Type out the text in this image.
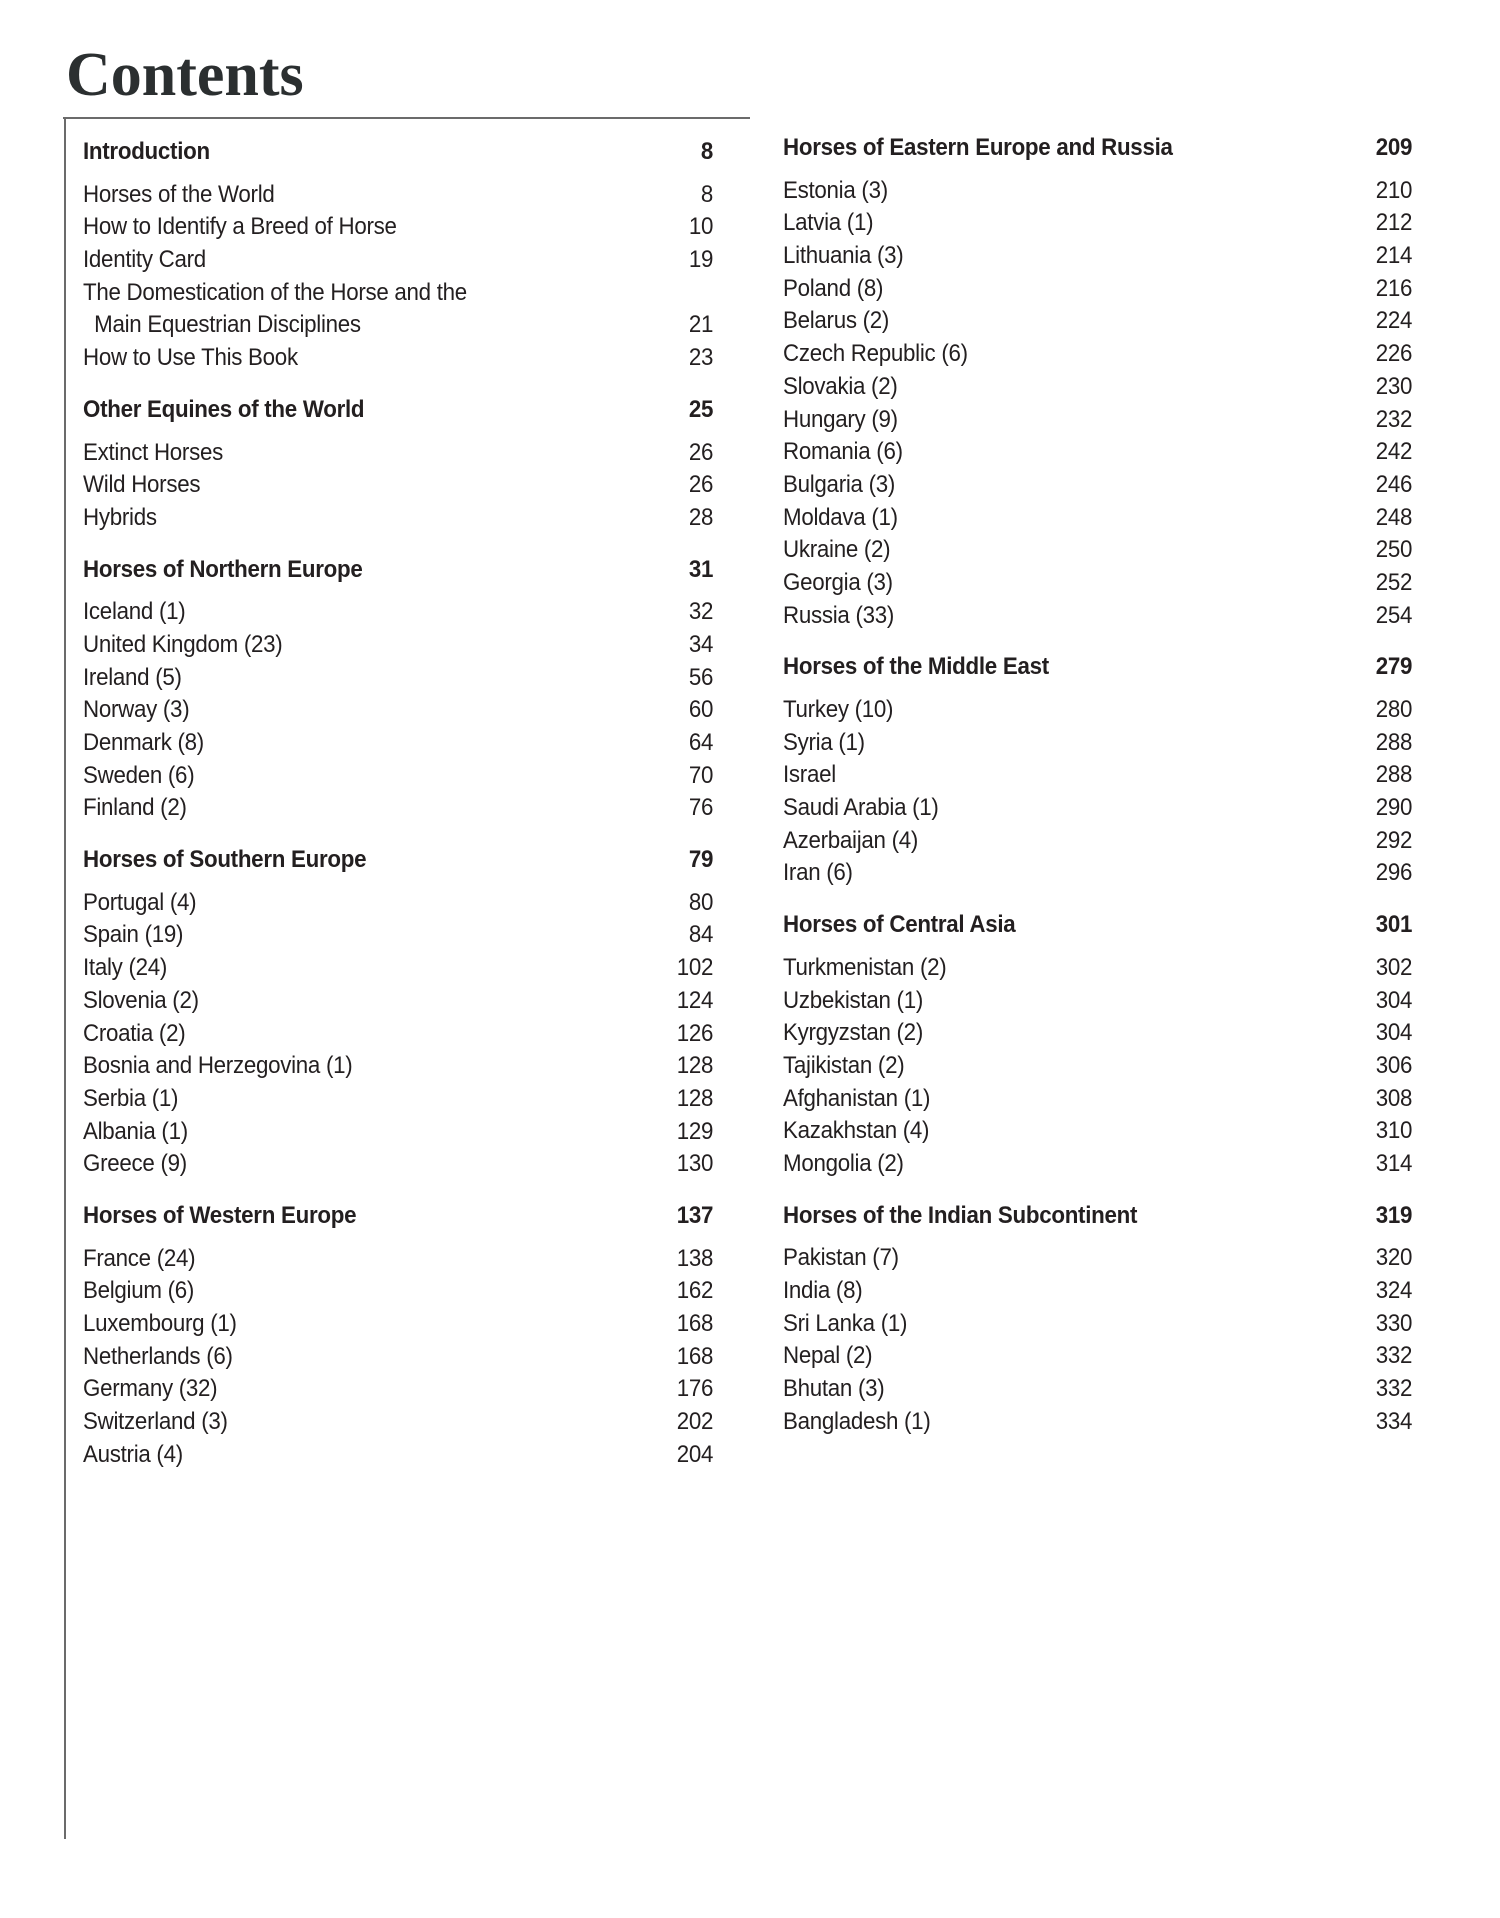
Contents
Introduction	8
Horses of the World	8
How to Identify a Breed of Horse	10
Identity Card	19
The Domestication of the Horse and the
Main Equestrian Disciplines	21
How to Use This Book	23
Other Equines of the World	25
Extinct Horses	26
Wild Horses	26
Hybrids	28
Horses of Northern Europe	31
Iceland (1)	32
United Kingdom (23)	34
Ireland (5)	56
Norway (3)	60
Denmark (8)	64
Sweden (6)	70
Finland (2)	76
Horses of Southern Europe	79
Portugal (4)	80
Spain (19)	84
Italy (24)	102
Slovenia (2)	124
Croatia (2)	126
Bosnia and Herzegovina (1)	128
Serbia (1)	128
Albania (1)	129
Greece (9)	130
Horses of Western Europe	137
France (24)	138
Belgium (6)	162
Luxembourg (1)	168
Netherlands (6)	168
Germany (32)	176
Switzerland (3)	202
Austria (4)	204
Horses of Eastern Europe and Russia	209
Estonia (3)	210
Latvia (1)	212
Lithuania (3)	214
Poland (8)	216
Belarus (2)	224
Czech Republic (6)	226
Slovakia (2)	230
Hungary (9)	232
Romania (6)	242
Bulgaria (3)	246
Moldava (1)	248
Ukraine (2)	250
Georgia (3)	252
Russia (33)	254
Horses of the Middle East	279
Turkey (10)	280
Syria (1)	288
Israel	288
Saudi Arabia (1)	290
Azerbaijan (4)	292
Iran (6)	296
Horses of Central Asia	301
Turkmenistan (2)	302
Uzbekistan (1)	304
Kyrgyzstan (2)	304
Tajikistan (2)	306
Afghanistan (1)	308
Kazakhstan (4)	310
Mongolia (2)	314
Horses of the Indian Subcontinent	319
Pakistan (7)	320
India (8)	324
Sri Lanka (1)	330
Nepal (2)	332
Bhutan (3)	332
Bangladesh (1)	334
